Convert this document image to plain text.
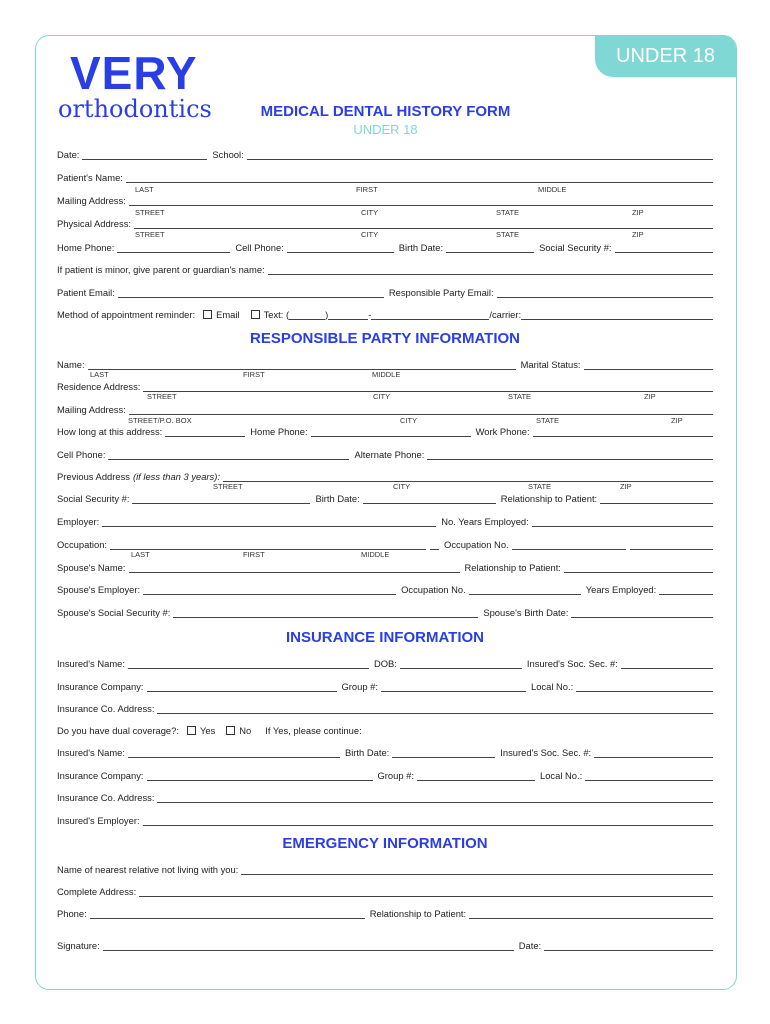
UNDER 18
VERY
orthodontics	MEDICAL DENTAL HISTORY FORM
UNDER 18
Date:	School:
Patient's Name:
LAST	FIRST	MIDDLE
Mailing Address:
STREET	CITY	STATE	ZIP
Physical Address:
STREET	CITY	STATE	ZIP
Home Phone:	Cell Phone:	Birth Date:	Social Security #:
If patient is minor, give parent or guardian's name:
Patient Email:	Responsible Party Email:
Method of appointment reminder:	Email	Text: (	)	-	/carrier:
RESPONSIBLE PARTY INFORMATION
Name:	Marital Status:
LAST	FIRST	MIDDLE
Residence Address:
STREET	CITY	STATE	ZIP
Mailing Address:
STREET/P.O. BOX	CITY	STATE	ZIP
How long at this address:	Home Phone:	Work Phone:
Cell Phone:	Alternate Phone:
Previous Address (if less than 3 years):
STREET	CITY	STATE	ZIP
Social Security #:	Birth Date:	Relationship to Patient:
Employer:	No. Years Employed:
Occupation:	Occupation No.
LAST	FIRST	MIDDLE
Spouse's Name:	Relationship to Patient:
Spouse's Employer:	Occupation No.	Years Employed:
Spouse's Social Security #:	Spouse's Birth Date:
INSURANCE INFORMATION
Insured's Name:	DOB:	Insured's Soc. Sec. #:
Insurance Company:	Group #:	Local No.:
Insurance Co. Address:
Do you have dual coverage?:	Yes	No	If Yes, please continue:
Insured's Name:	Birth Date:	Insured's Soc. Sec. #:
Insurance Company:	Group #:	Local No.:
Insurance Co. Address:
Insured's Employer:
EMERGENCY INFORMATION
Name of nearest relative not living with you:
Complete Address:
Phone:	Relationship to Patient:
Signature:	Date:
